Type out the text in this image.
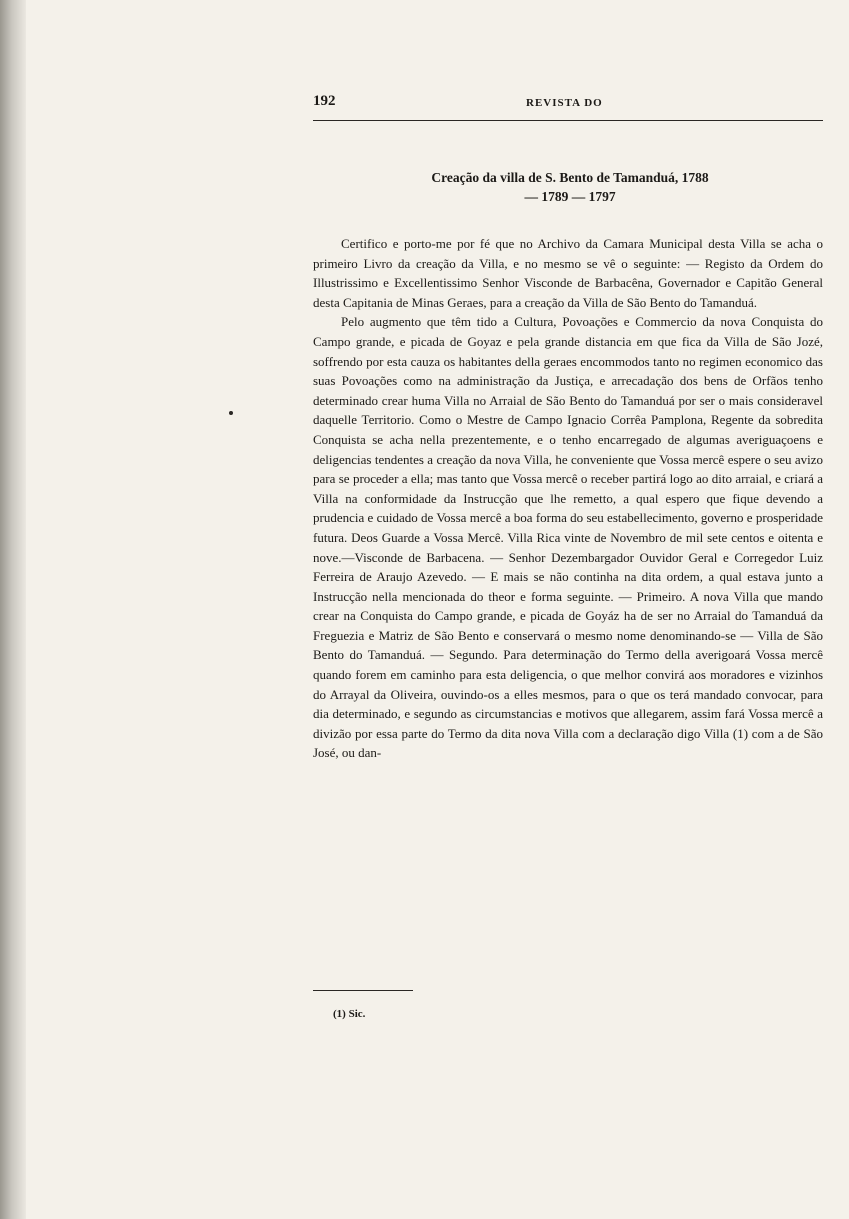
192	REVISTA DO
Creação da villa de S. Bento de Tamanduá, 1788
— 1789 — 1797

Certifico e porto-me por fé que no Archivo da Camara Municipal desta Villa se acha o primeiro Livro da creação da Villa, e no mesmo se vê o seguinte: — Registo da Ordem do Illustrissimo e Excellentissimo Senhor Visconde de Barbacêna, Governador e Capitão General desta Capitania de Minas Geraes, para a creação da Villa de São Bento do Tamanduá.

Pelo augmento que têm tido a Cultura, Povoações e Commercio da nova Conquista do Campo grande, e picada de Goyaz e pela grande distancia em que fica da Villa de São Jozé, soffrendo por esta cauza os habitantes della geraes encommodos tanto no regimen economico das suas Povoações como na administração da Justiça, e arrecadação dos bens de Orfãos tenho determinado crear huma Villa no Arraial de São Bento do Tamanduá por ser o mais consideravel daquelle Territorio. Como o Mestre de Campo Ignacio Corrêa Pamplona, Regente da sobredita Conquista se acha nella prezentemente, e o tenho encarregado de algumas averiguaçoens e deligencias tendentes a creação da nova Villa, he conveniente que Vossa mercê espere o seu avizo para se proceder a ella; mas tanto que Vossa mercê o receber partirá logo ao dito arraial, e criará a Villa na conformidade da Instrucção que lhe remetto, a qual espero que fique devendo a prudencia e cuidado de Vossa mercê a boa forma do seu estabellecimento, governo e prosperidade futura. Deos Guarde a Vossa Mercê. Villa Rica vinte de Novembro de mil sete centos e oitenta e nove.—Visconde de Barbacena. — Senhor Dezembargador Ouvidor Geral e Corregedor Luiz Ferreira de Araujo Azevedo. — E mais se não continha na dita ordem, a qual estava junto a Instrucção nella mencionada do theor e forma seguinte. — Primeiro. A nova Villa que mando crear na Conquista do Campo grande, e picada de Goyáz ha de ser no Arraial do Tamanduá da Freguezia e Matriz de São Bento e conservará o mesmo nome denominando-se — Villa de São Bento do Tamanduá. — Segundo. Para determinação do Termo della averigoará Vossa mercê quando forem em caminho para esta deligencia, o que melhor convirá aos moradores e vizinhos do Arrayal da Oliveira, ouvindo-os a elles mesmos, para o que os terá mandado convocar, para dia determinado, e segundo as circumstancias e motivos que allegarem, assim fará Vossa mercê a divizão por essa parte do Termo da dita nova Villa com a declaração digo Villa (1) com a de São José, ou dan-

(1) Sic.
